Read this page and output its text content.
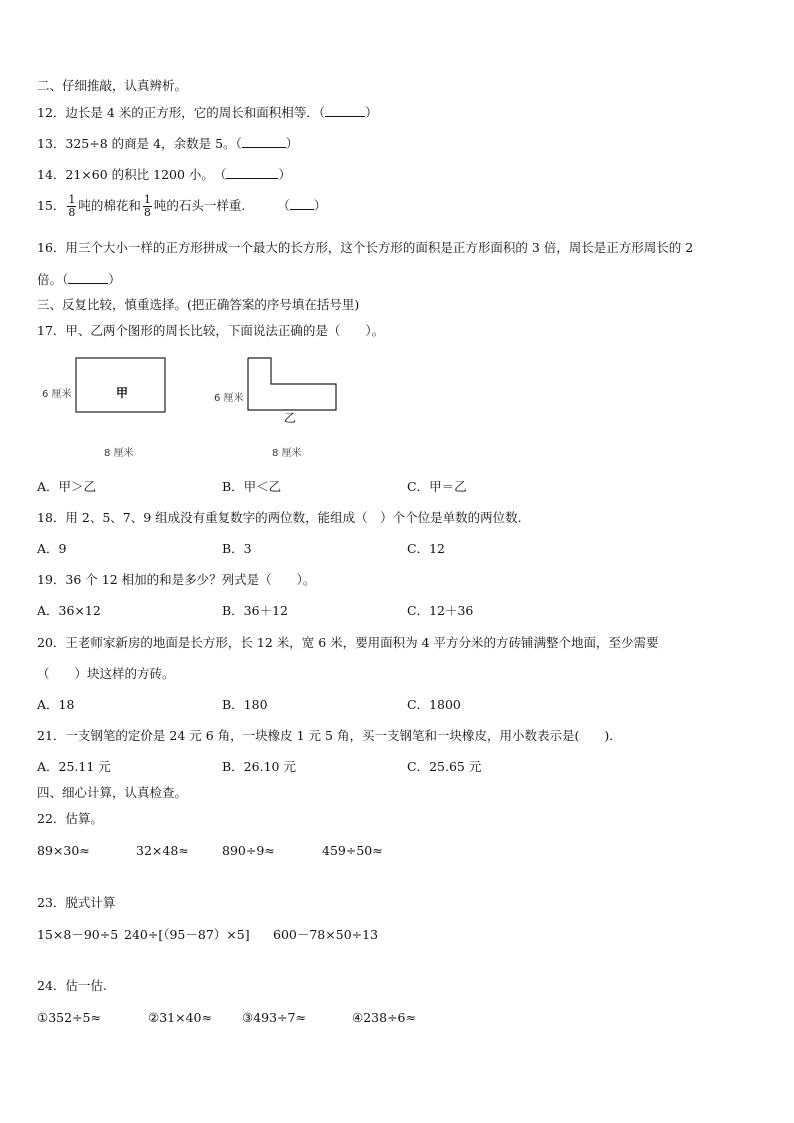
二、仔细推敲，认真辨析。
12．边长是 4 米的正方形，它的周长和面积相等．（	）
13．325÷8 的商是 4，余数是 5。（	）
14．21×60 的积比 1200 小。　（	）
15． $\frac{1}{8}$ 吨的棉花和 $\frac{1}{8}$ 吨的石头一样重.	（ ）
16．用三个大小一样的正方形拼成一个最大的长方形，这个长方形的面积是正方形面积的 3 倍，周长是正方形周长的 2
倍。（	）
三、反复比较，慎重选择。(把正确答案的序号填在括号里)
17．甲、乙两个图形的周长比较，下面说法正确的是（　　）。
6 厘米	甲
8 厘米
6 厘米
乙
8 厘米
A．甲＞乙	B．甲＜乙	C．甲＝乙
18．用 2、5、7、9 组成没有重复数字的两位数，能组成（　）个个位是单数的两位数.
A．9	B．3	C．12
19．36 个 12 相加的和是多少？列式是（　　）。
A．36×12	B．36＋12	C．12＋36
20．王老师家新房的地面是长方形，长 12 米，宽 6 米，要用面积为 4 平方分米的方砖铺满整个地面，至少需要
（　　）块这样的方砖。
A．18	B．180	C．1800
21．一支钢笔的定价是 24 元 6 角，一块橡皮 1 元 5 角，买一支钢笔和一块橡皮，用小数表示是(　　)．
A．25.11 元	B．26.10 元	C．25.65 元
四、细心计算，认真检查。
22．估算。
89×30≈	32×48≈	890÷9≈	459÷50≈
23．脱式计算
15×8－90÷5 240÷[（95－87）×5] 600－78×50÷13
24．估一估.
①352÷5≈	②31×40≈ ③493÷7≈	④238÷6≈
